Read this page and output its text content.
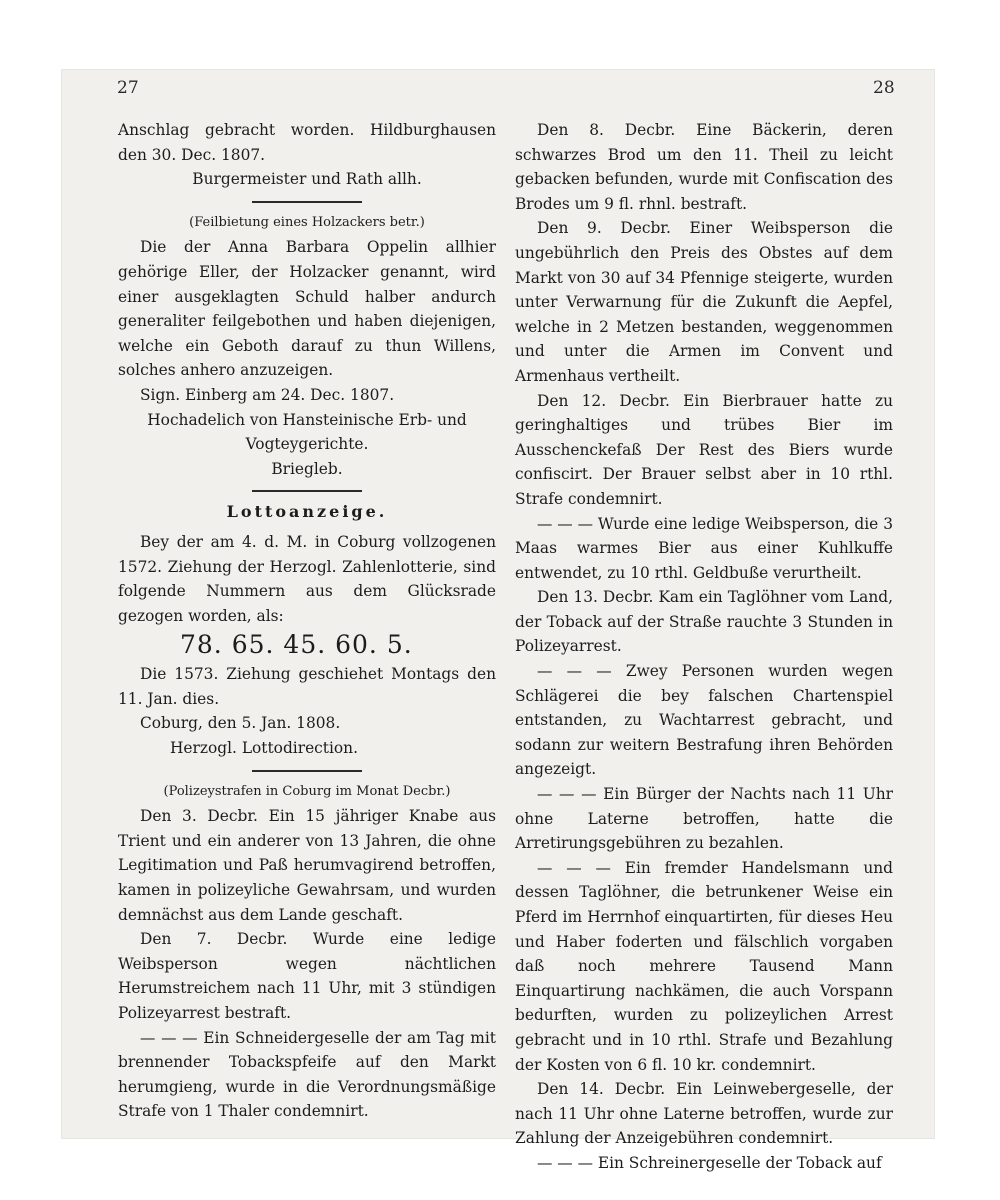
27	28

Anschlag gebracht worden. Hildburghausen den 30. Dec. 1807.

Burgermeister und Rath allh.

(Feilbietung eines Holzackers betr.)

Die der Anna Barbara Oppelin allhier gehörige Eller, der Holzacker genannt, wird einer ausgeklagten Schuld halber andurch generaliter feilgebothen und haben diejenigen, welche ein Geboth darauf zu thun Willens, solches anhero anzuzeigen.

Sign. Einberg am 24. Dec. 1807.

Hochadelich von Hansteinische Erb- und Vogteygerichte.

Briegleb.

Lottoanzeige.

Bey der am 4. d. M. in Coburg vollzogenen 1572. Ziehung der Herzogl. Zahlenlotterie, sind folgende Nummern aus dem Glücksrade gezogen worden, als:

78. 65. 45. 60. 5.

Die 1573. Ziehung geschiehet Montags den 11. Jan. dies.

Coburg, den 5. Jan. 1808.

Herzogl. Lottodirection.

(Polizeystrafen in Coburg im Monat Decbr.)

Den 3. Decbr. Ein 15 jähriger Knabe aus Trient und ein anderer von 13 Jahren, die ohne Legitimation und Paß herumvagirend betroffen, kamen in polizeyliche Gewahrsam, und wurden demnächst aus dem Lande geschaft.

Den 7. Decbr. Wurde eine ledige Weibsperson wegen nächtlichen Herumstreichem nach 11 Uhr, mit 3 stündigen Polizeyarrest bestraft.

— — — Ein Schneidergeselle der am Tag mit brennender Tobackspfeife auf den Markt herumgieng, wurde in die Verordnungsmäßige Strafe von 1 Thaler condemnirt.

Den 8. Decbr. Eine Bäckerin, deren schwarzes Brod um den 11. Theil zu leicht gebacken befunden, wurde mit Confiscation des Brodes um 9 fl. rhnl. bestraft.

Den 9. Decbr. Einer Weibsperson die ungebührlich den Preis des Obstes auf dem Markt von 30 auf 34 Pfennige steigerte, wurden unter Verwarnung für die Zukunft die Aepfel, welche in 2 Metzen bestanden, weggenommen und unter die Armen im Convent und Armenhaus vertheilt.

Den 12. Decbr. Ein Bierbrauer hatte zu geringhaltiges und trübes Bier im Ausschenckefaß Der Rest des Biers wurde confiscirt. Der Brauer selbst aber in 10 rthl. Strafe condemnirt.

— — — Wurde eine ledige Weibsperson, die 3 Maas warmes Bier aus einer Kuhlkuffe entwendet, zu 10 rthl. Geldbuße verurtheilt.

Den 13. Decbr. Kam ein Taglöhner vom Land, der Toback auf der Straße rauchte 3 Stunden in Polizeyarrest.

— — — Zwey Personen wurden wegen Schlägerei die bey falschen Chartenspiel entstanden, zu Wachtarrest gebracht, und sodann zur weitern Bestrafung ihren Behörden angezeigt.

— — — Ein Bürger der Nachts nach 11 Uhr ohne Laterne betroffen, hatte die Arretirungsgebühren zu bezahlen.

— — — Ein fremder Handelsmann und dessen Taglöhner, die betrunkener Weise ein Pferd im Herrnhof einquartirten, für dieses Heu und Haber foderten und fälschlich vorgaben daß noch mehrere Tausend Mann Einquartirung nachkämen, die auch Vorspann bedurften, wurden zu polizeylichen Arrest gebracht und in 10 rthl. Strafe und Bezahlung der Kosten von 6 fl. 10 kr. condemnirt.

Den 14. Decbr. Ein Leinwebergeselle, der nach 11 Uhr ohne Laterne betroffen, wurde zur Zahlung der Anzeigebühren condemnirt.

— — — Ein Schreinergeselle der Toback auf
